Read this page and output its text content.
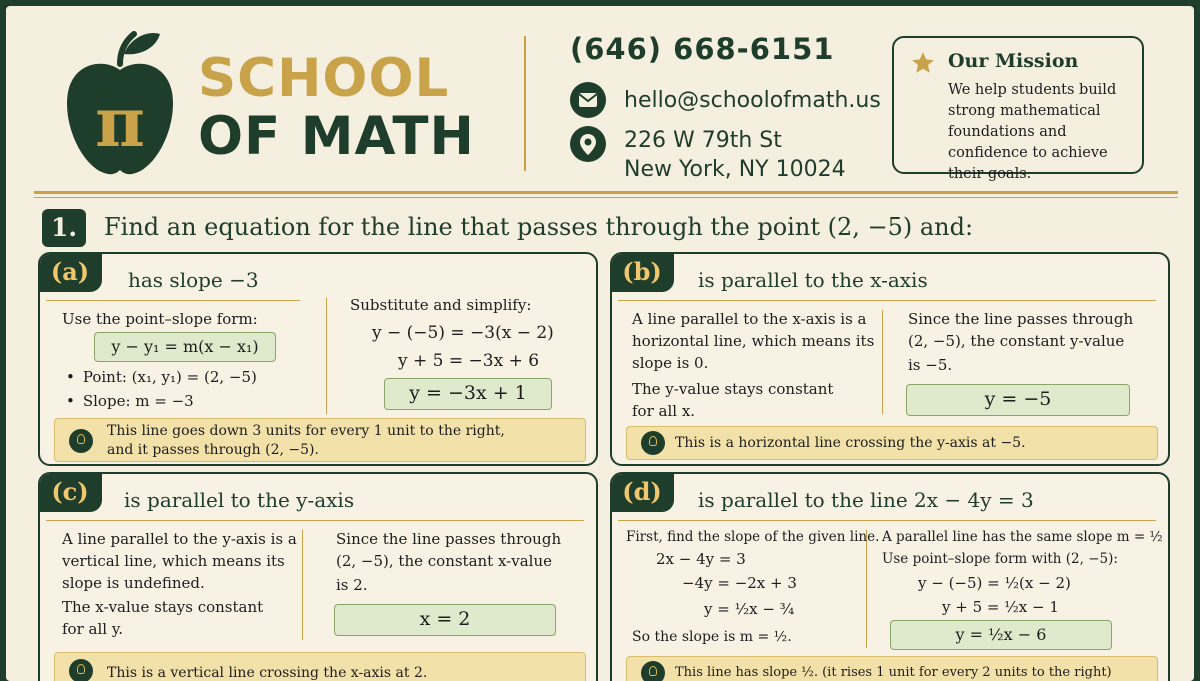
π
SCHOOL
OF MATH
(646) 668-6151
hello@schoolofmath.us
226 W 79th St
New York, NY 10024
Our Mission
We help students build strong mathematical foundations and confidence to achieve their goals.
1.	Find an equation for the line that passes through the point (2, −5) and:
(a)	has slope −3
Use the point–slope form:
y − y₁ = m(x − x₁)
• Point: (x₁, y₁) = (2, −5)
• Slope: m = −3
Substitute and simplify:
y − (−5) = −3(x − 2)
y + 5 = −3x + 6
y = −3x + 1
This line goes down 3 units for every 1 unit to the right,
and it passes through (2, −5).
(b)	is parallel to the x-axis
A line parallel to the x-axis is a
horizontal line, which means its
slope is 0.
The y-value stays constant
for all x.
Since the line passes through
(2, −5), the constant y-value
is −5.
y = −5
This is a horizontal line crossing the y-axis at −5.
(c)	is parallel to the y-axis
A line parallel to the y-axis is a
vertical line, which means its
slope is undefined.
The x-value stays constant
for all y.
Since the line passes through
(2, −5), the constant x-value
is 2.
x = 2
This is a vertical line crossing the x-axis at 2.
(d)	is parallel to the line 2x − 4y = 3
First, find the slope of the given line.
2x − 4y = 3
−4y = −2x + 3
y = ½x − ¾
So the slope is m = ½.
A parallel line has the same slope m = ½
Use point–slope form with (2, −5):
y − (−5) = ½(x − 2)
y + 5 = ½x − 1
y = ½x − 6
This line has slope ½. (it rises 1 unit for every 2 units to the right)
